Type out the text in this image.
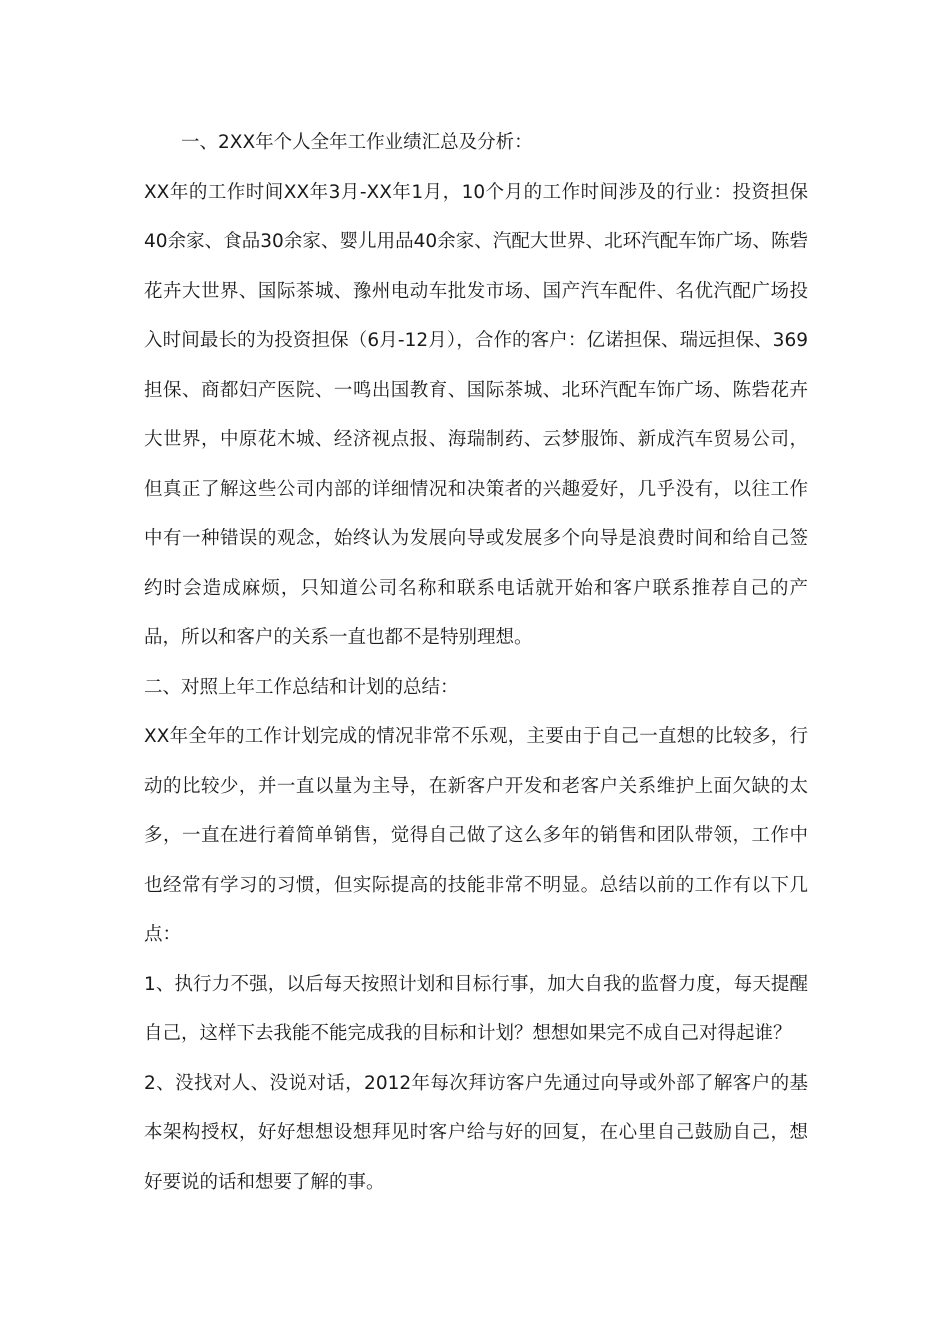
一、2XX年个人全年工作业绩汇总及分析：

XX年的工作时间XX年3月-XX年1月，10个月的工作时间涉及的行业：投资担保40余家、食品30余家、婴儿用品40余家、汽配大世界、北环汽配车饰广场、陈砦花卉大世界、国际茶城、豫州电动车批发市场、国产汽车配件、名优汽配广场投入时间最长的为投资担保（6月-12月），合作的客户：亿诺担保、瑞远担保、369担保、商都妇产医院、一鸣出国教育、国际茶城、北环汽配车饰广场、陈砦花卉大世界，中原花木城、经济视点报、海瑞制药、云梦服饰、新成汽车贸易公司，但真正了解这些公司内部的详细情况和决策者的兴趣爱好，几乎没有，以往工作中有一种错误的观念，始终认为发展向导或发展多个向导是浪费时间和给自己签约时会造成麻烦，只知道公司名称和联系电话就开始和客户联系推荐自己的产品，所以和客户的关系一直也都不是特别理想。

二、对照上年工作总结和计划的总结：

XX年全年的工作计划完成的情况非常不乐观，主要由于自己一直想的比较多，行动的比较少，并一直以量为主导，在新客户开发和老客户关系维护上面欠缺的太多，一直在进行着简单销售，觉得自己做了这么多年的销售和团队带领，工作中也经常有学习的习惯，但实际提高的技能非常不明显。总结以前的工作有以下几点：

1、执行力不强，以后每天按照计划和目标行事，加大自我的监督力度，每天提醒自己，这样下去我能不能完成我的目标和计划？想想如果完不成自己对得起谁？

2、没找对人、没说对话，2012年每次拜访客户先通过向导或外部了解客户的基本架构授权，好好想想设想拜见时客户给与好的回复，在心里自己鼓励自己，想好要说的话和想要了解的事。
